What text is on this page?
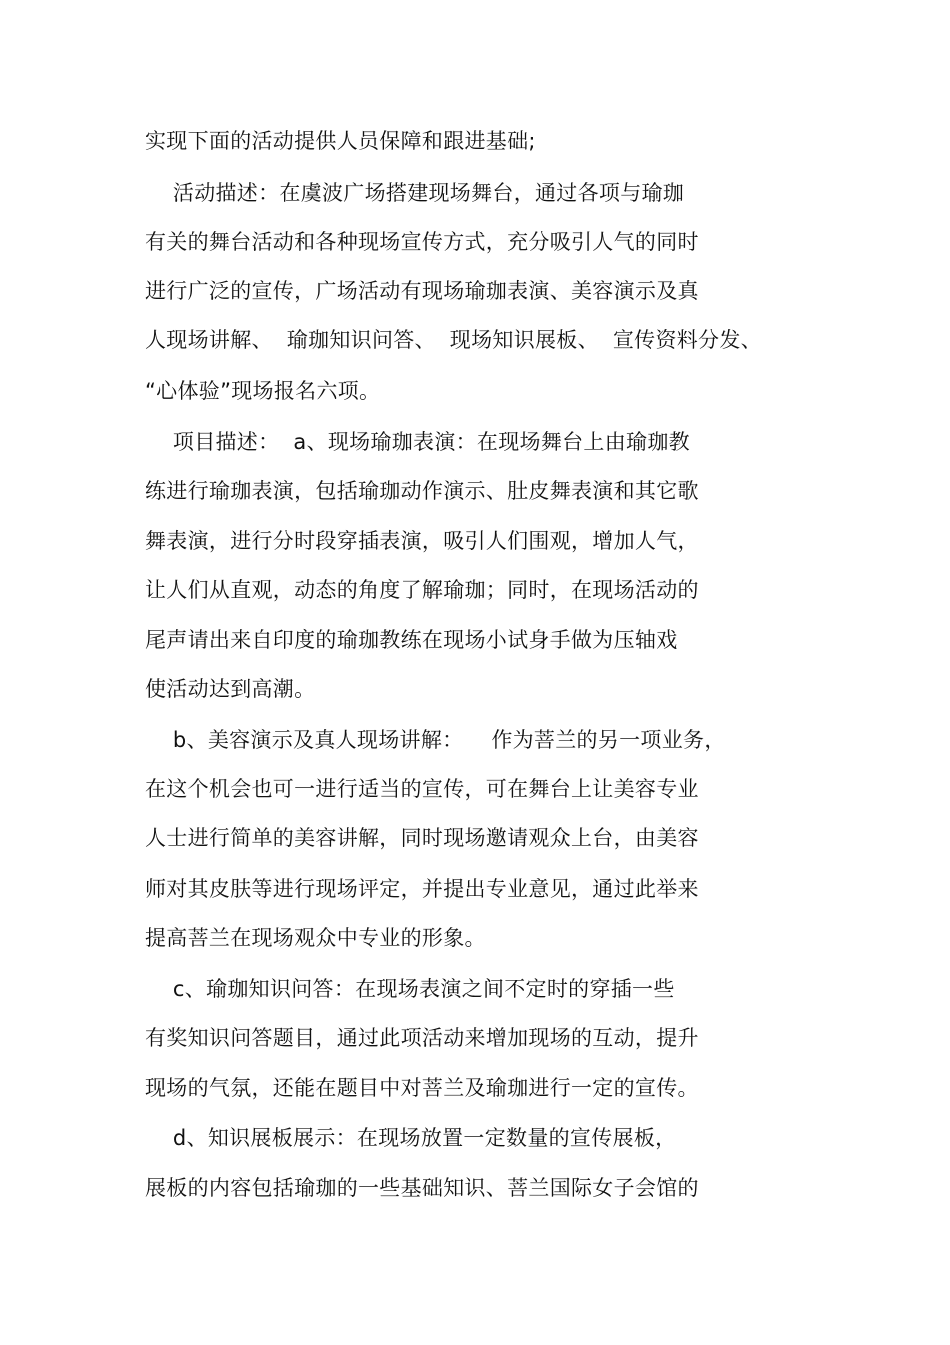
实现下面的活动提供人员保障和跟进基础;
活动描述：在虞波广场搭建现场舞台，通过各项与瑜珈
有关的舞台活动和各种现场宣传方式，充分吸引人气的同时
进行广泛的宣传，广场活动有现场瑜珈表演、美容演示及真
人现场讲解、  瑜珈知识问答、  现场知识展板、  宣传资料分发、
“心体验”现场报名六项。
项目描述：  a、现场瑜珈表演：在现场舞台上由瑜珈教
练进行瑜珈表演，包括瑜珈动作演示、肚皮舞表演和其它歌
舞表演，进行分时段穿插表演，吸引人们围观，增加人气，
让人们从直观，动态的角度了解瑜珈；同时，在现场活动的
尾声请出来自印度的瑜珈教练在现场小试身手做为压轴戏
使活动达到高潮。
b、美容演示及真人现场讲解：    作为菩兰的另一项业务，
在这个机会也可一进行适当的宣传，可在舞台上让美容专业
人士进行简单的美容讲解，同时现场邀请观众上台，由美容
师对其皮肤等进行现场评定，并提出专业意见，通过此举来
提高菩兰在现场观众中专业的形象。
c、瑜珈知识问答：在现场表演之间不定时的穿插一些
有奖知识问答题目，通过此项活动来增加现场的互动，提升
现场的气氛，还能在题目中对菩兰及瑜珈进行一定的宣传。
d、知识展板展示：在现场放置一定数量的宣传展板，
展板的内容包括瑜珈的一些基础知识、菩兰国际女子会馆的
